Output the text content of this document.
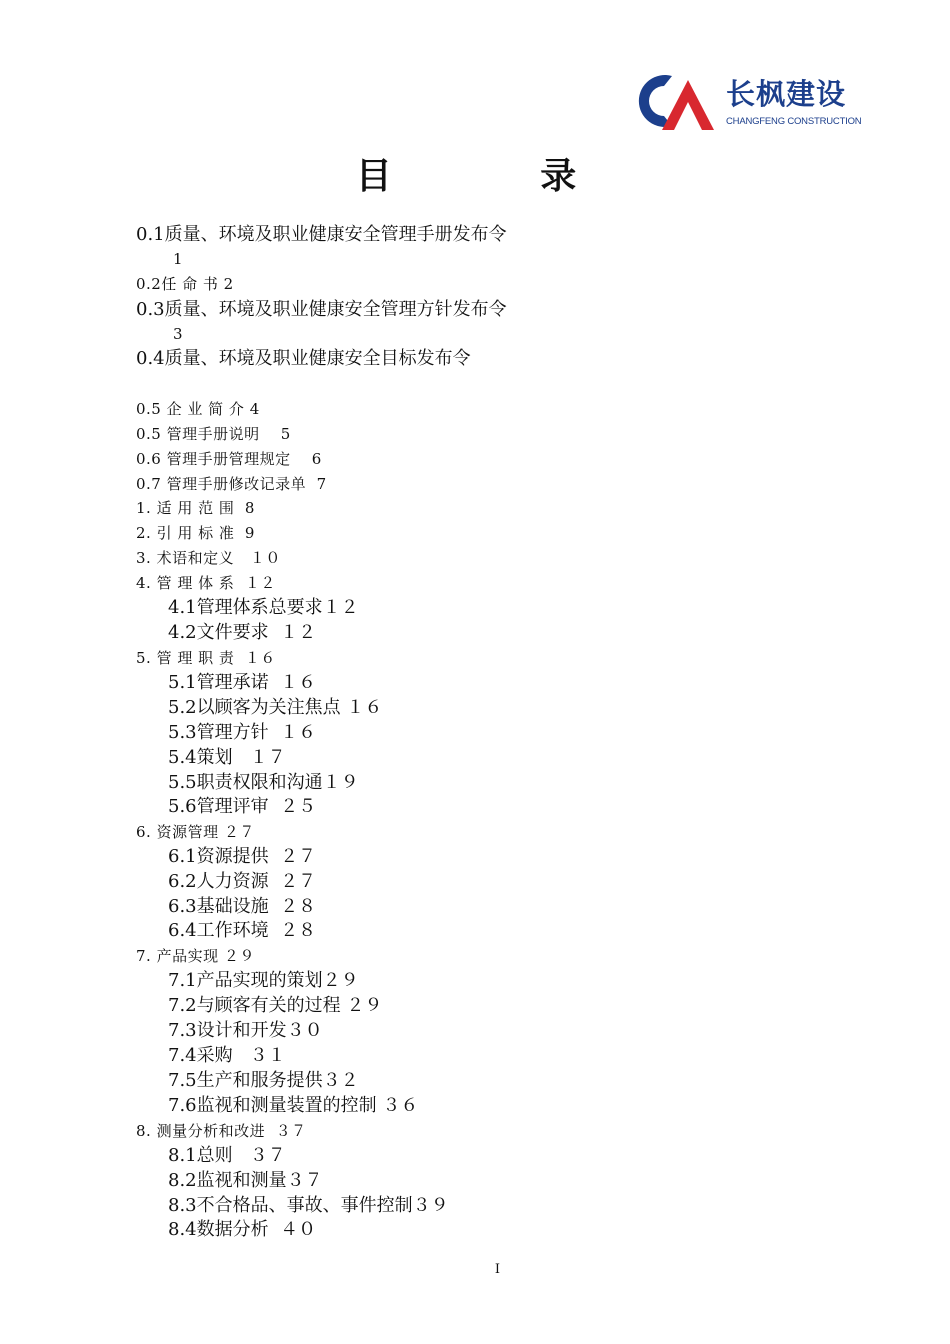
长枫建设
CHANGFENG CONSTRUCTION
目 录
0.1质量、环境及职业健康安全管理手册发布令
1
0.2任 命 书 2
0.3质量、环境及职业健康安全管理方针发布令
3
0.4质量、环境及职业健康安全目标发布令
0.5 企 业 简 介 4
0.5 管理手册说明    5
0.6 管理手册管理规定    6
0.7 管理手册修改记录单  7
1. 适 用 范 围  8
2. 引 用 标 准  9
3. 术语和定义   １０
4. 管 理 体 系  １２
4.1管理体系总要求１２
4.2文件要求  １２
5. 管 理 职 责  １６
5.1管理承诺  １６
5.2以顾客为关注焦点 １６
5.3管理方针  １６
5.4策划   １７
5.5职责权限和沟通１９
5.6管理评审  ２５
6. 资源管理 ２７
6.1资源提供  ２７
6.2人力资源  ２７
6.3基础设施  ２８
6.4工作环境  ２８
7. 产品实现 ２９
7.1产品实现的策划２９
7.2与顾客有关的过程 ２９
7.3设计和开发３０
7.4采购   ３１
7.5生产和服务提供３２
7.6监视和测量装置的控制 ３６
8. 测量分析和改进  ３７
8.1总则   ３７
8.2监视和测量３７
8.3不合格品、事故、事件控制３９
8.4数据分析  ４０
I
